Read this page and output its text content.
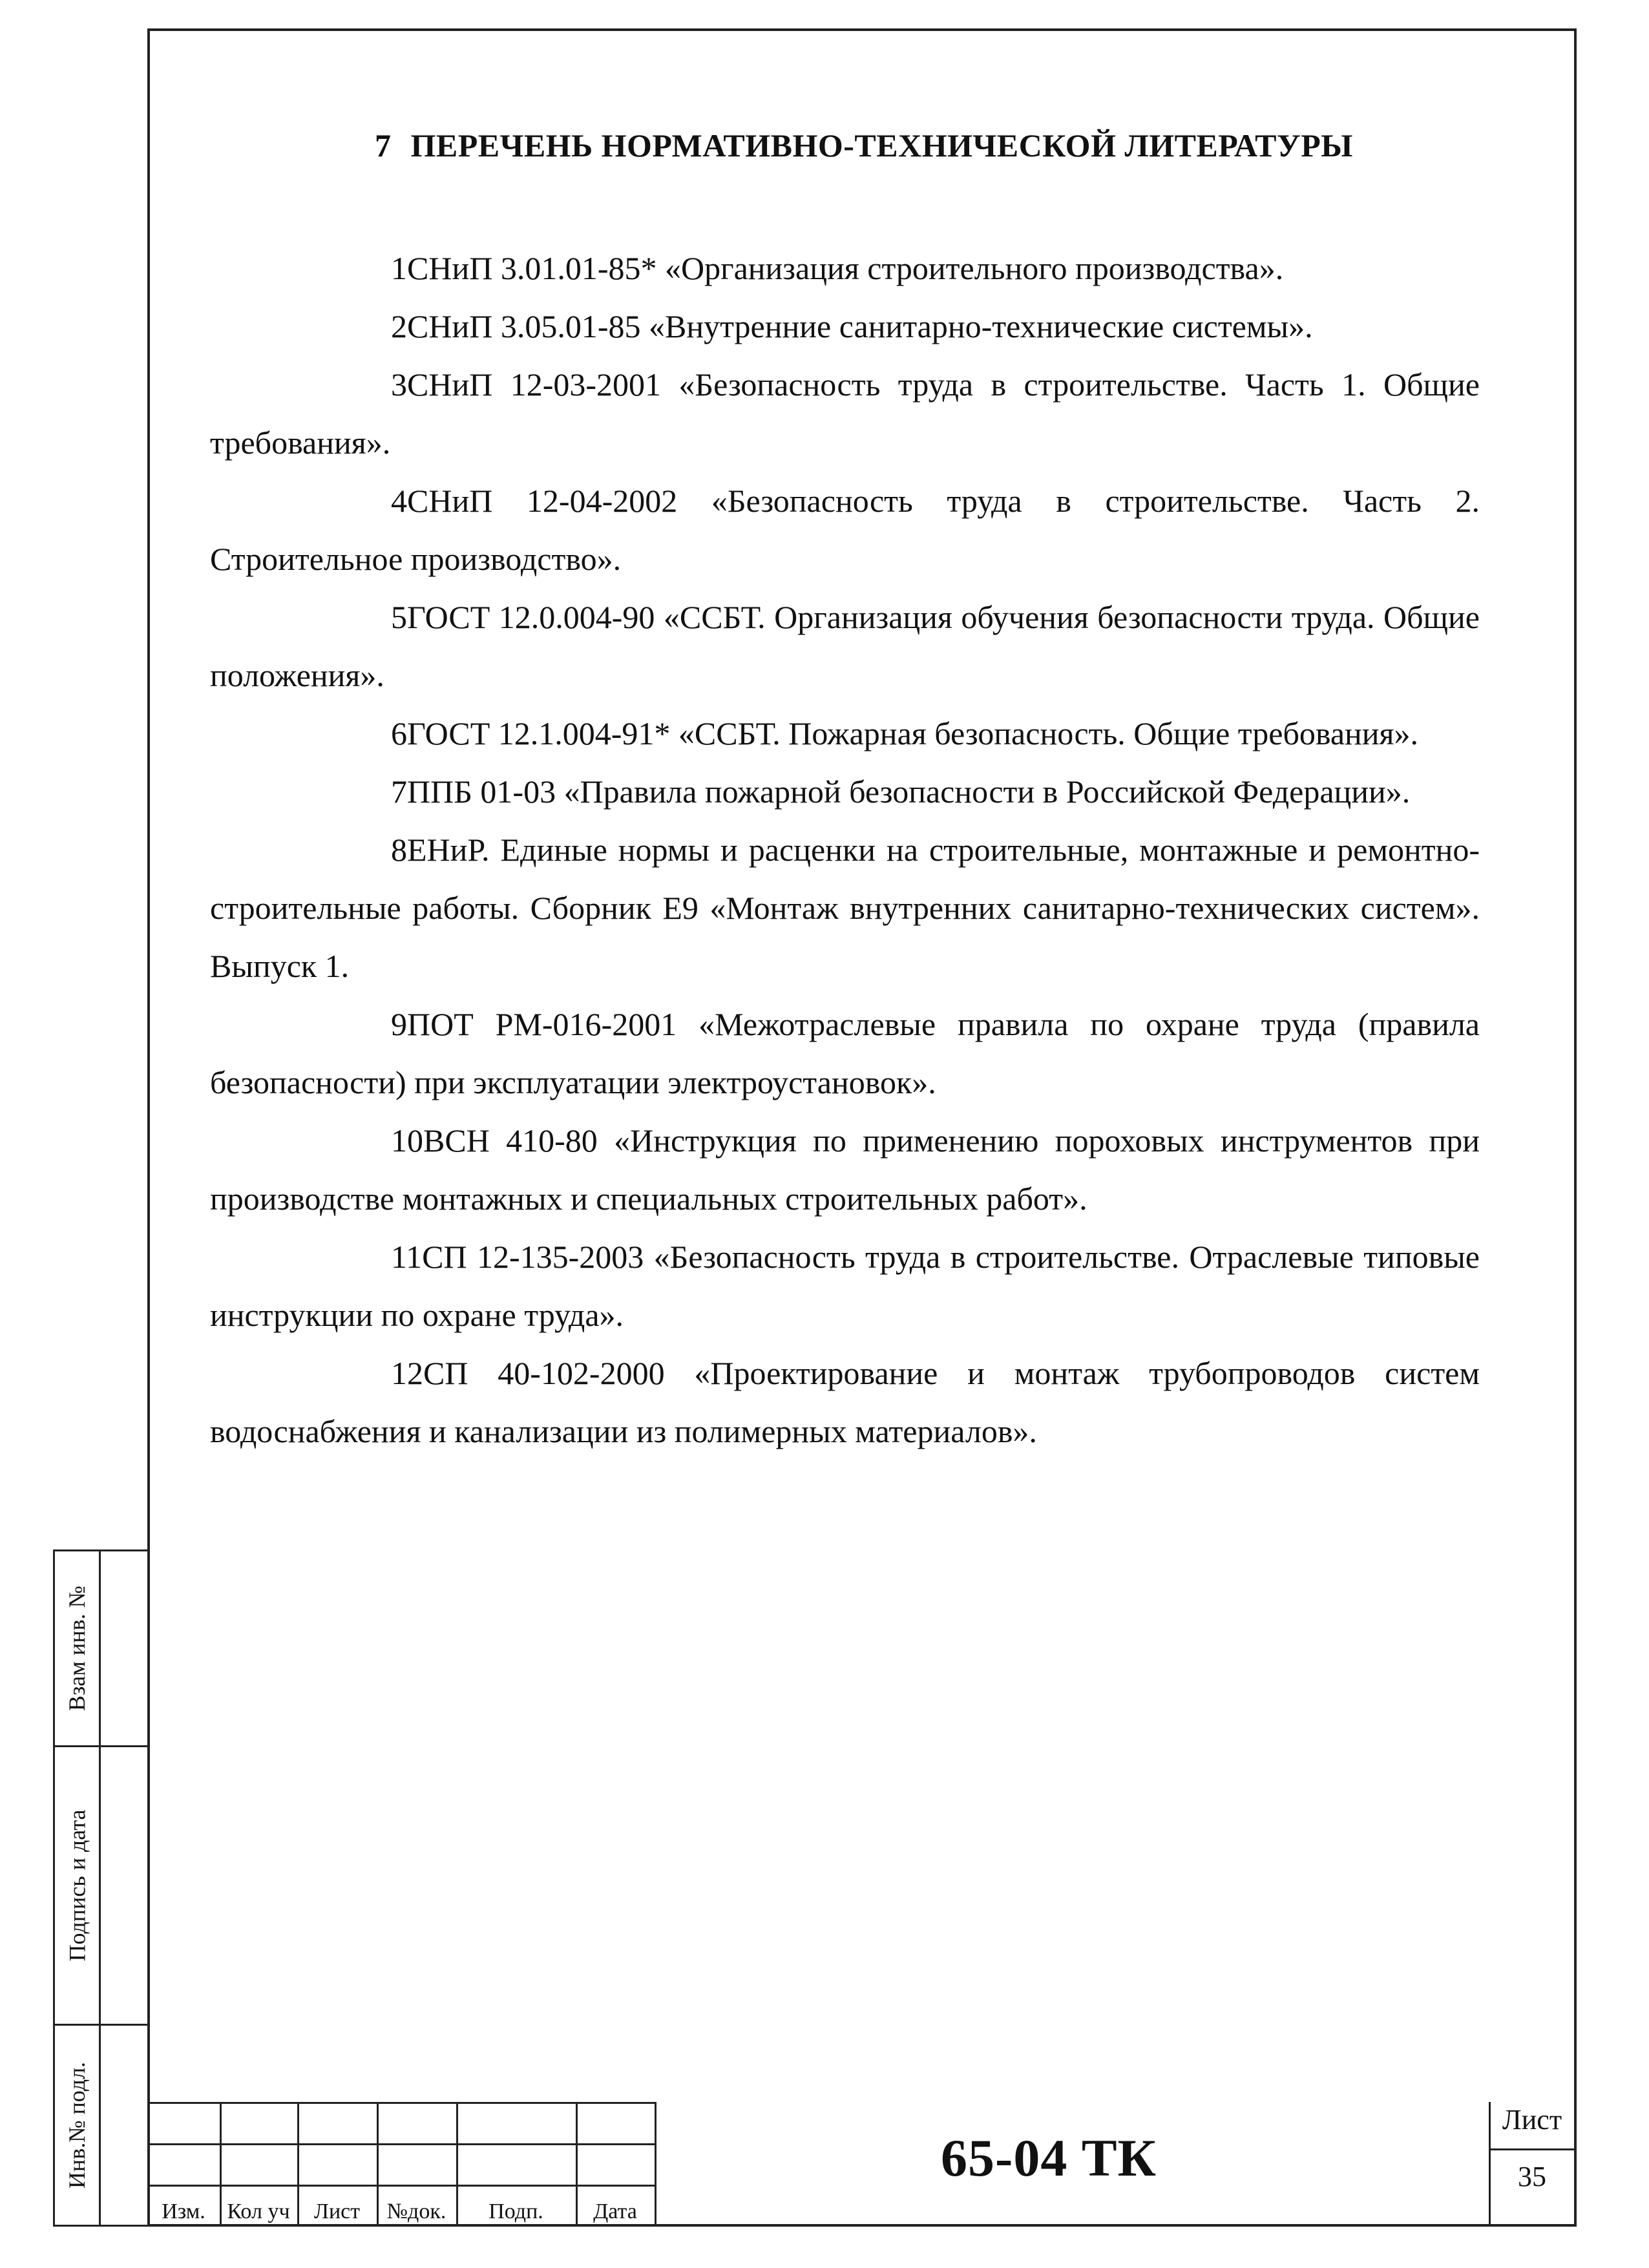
7 ПЕРЕЧЕНЬ НОРМАТИВНО-ТЕХНИЧЕСКОЙ ЛИТЕРАТУРЫ

1СНиП 3.01.01-85* «Организация строительного производства».

2СНиП 3.05.01-85 «Внутренние санитарно-технические системы».

3СНиП 12-03-2001 «Безопасность труда в строительстве. Часть 1. Общие требования».

4СНиП 12-04-2002 «Безопасность труда в строительстве. Часть 2. Строительное производство».

5ГОСТ 12.0.004-90 «ССБТ. Организация обучения безопасности труда. Общие положения».

6ГОСТ 12.1.004-91* «ССБТ. Пожарная безопасность. Общие требования».

7ППБ 01-03 «Правила пожарной безопасности в Российской Федерации».

8ЕНиР. Единые нормы и расценки на строительные, монтажные и ремонтно-строительные работы. Сборник Е9 «Монтаж внутренних санитарно-технических систем». Выпуск 1.

9ПОТ РМ-016-2001 «Межотраслевые правила по охране труда (правила безопасности) при эксплуатации электроустановок».

10ВСН 410-80 «Инструкция по применению пороховых инструментов при производстве монтажных и специальных строительных работ».

11СП 12-135-2003 «Безопасность труда в строительстве. Отраслевые типовые инструкции по охране труда».

12СП 40-102-2000 «Проектирование и монтаж трубопроводов систем водоснабжения и канализации из полимерных материалов».

Взам инв. №
Подпись и дата
Инв.№ подл.
Изм. Кол уч	Лист	№док.	Подп.	Дата
65-04 ТК
Лист
35
